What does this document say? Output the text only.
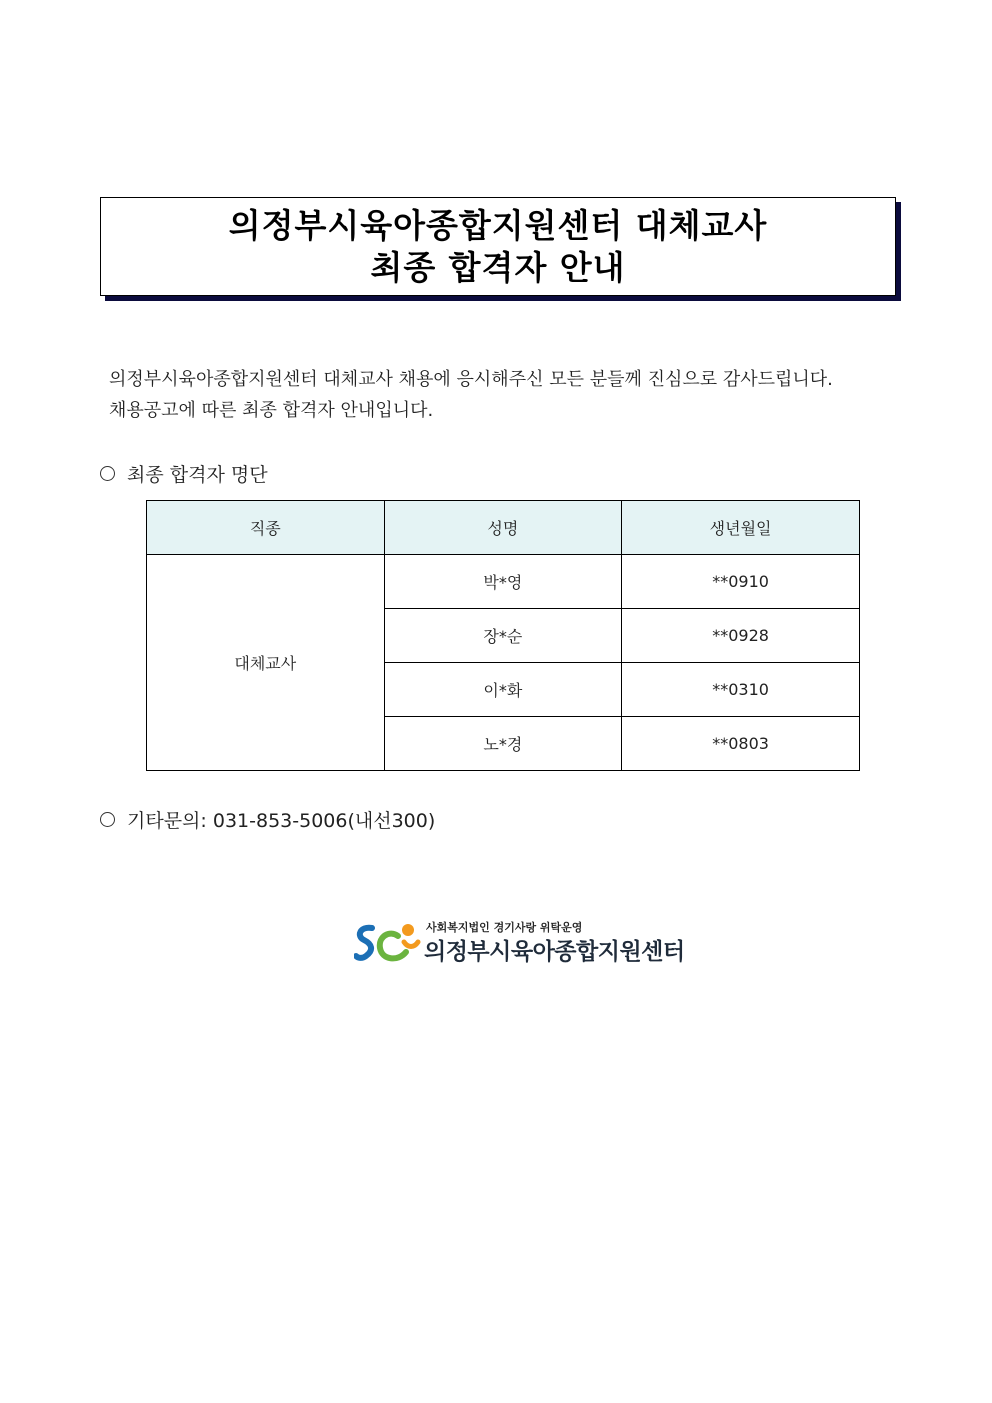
의정부시육아종합지원센터 대체교사
최종 합격자 안내
의정부시육아종합지원센터 대체교사 채용에 응시해주신 모든 분들께 진심으로 감사드립니다.
채용공고에 따른 최종 합격자 안내입니다.
최종 합격자 명단
직종	성명	생년월일
대체교사	박*영	**0910
	장*순	**0928
	이*화	**0310
	노*경	**0803
기타문의: 031-853-5006(내선300)
사회복지법인 경기사랑 위탁운영
의정부시육아종합지원센터
